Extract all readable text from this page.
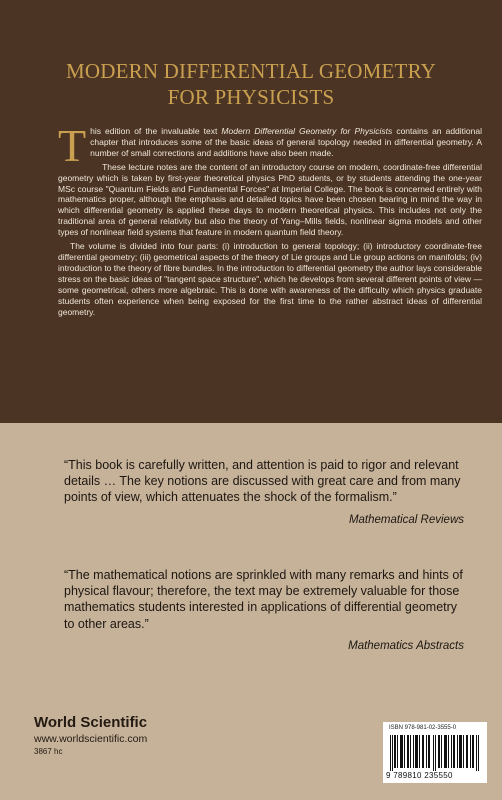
MODERN DIFFERENTIAL GEOMETRY
FOR PHYSICISTS

This edition of the invaluable text Modern Differential Geometry for Physicists contains an additional chapter that introduces some of the basic ideas of general topology needed in differential geometry. A number of small corrections and additions have also been made.

These lecture notes are the content of an introductory course on modern, coordinate-free differential geometry which is taken by first-year theoretical physics PhD students, or by students attending the one-year MSc course "Quantum Fields and Fundamental Forces" at Imperial College. The book is concerned entirely with mathematics proper, although the emphasis and detailed topics have been chosen bearing in mind the way in which differential geometry is applied these days to modern theoretical physics. This includes not only the traditional area of general relativity but also the theory of Yang–Mills fields, nonlinear sigma models and other types of nonlinear field systems that feature in modern quantum field theory.

The volume is divided into four parts: (i) introduction to general topology; (ii) introductory coordinate-free differential geometry; (iii) geometrical aspects of the theory of Lie groups and Lie group actions on manifolds; (iv) introduction to the theory of fibre bundles. In the introduction to differential geometry the author lays considerable stress on the basic ideas of "tangent space structure", which he develops from several different points of view — some geometrical, others more algebraic. This is done with awareness of the difficulty which physics graduate students often experience when being exposed for the first time to the rather abstract ideas of differential geometry.

“This book is carefully written, and attention is paid to rigor and relevant details … The key notions are discussed with great care and from many points of view, which attenuates the shock of the formalism.”

Mathematical Reviews

“The mathematical notions are sprinkled with many remarks and hints of physical flavour; therefore, the text may be extremely valuable for those mathematics students interested in applications of differential geometry to other areas.”

Mathematics Abstracts
World Scientific
www.worldscientific.com
3867 hc
ISBN 978-981-02-3555-0
9 789810 235550
